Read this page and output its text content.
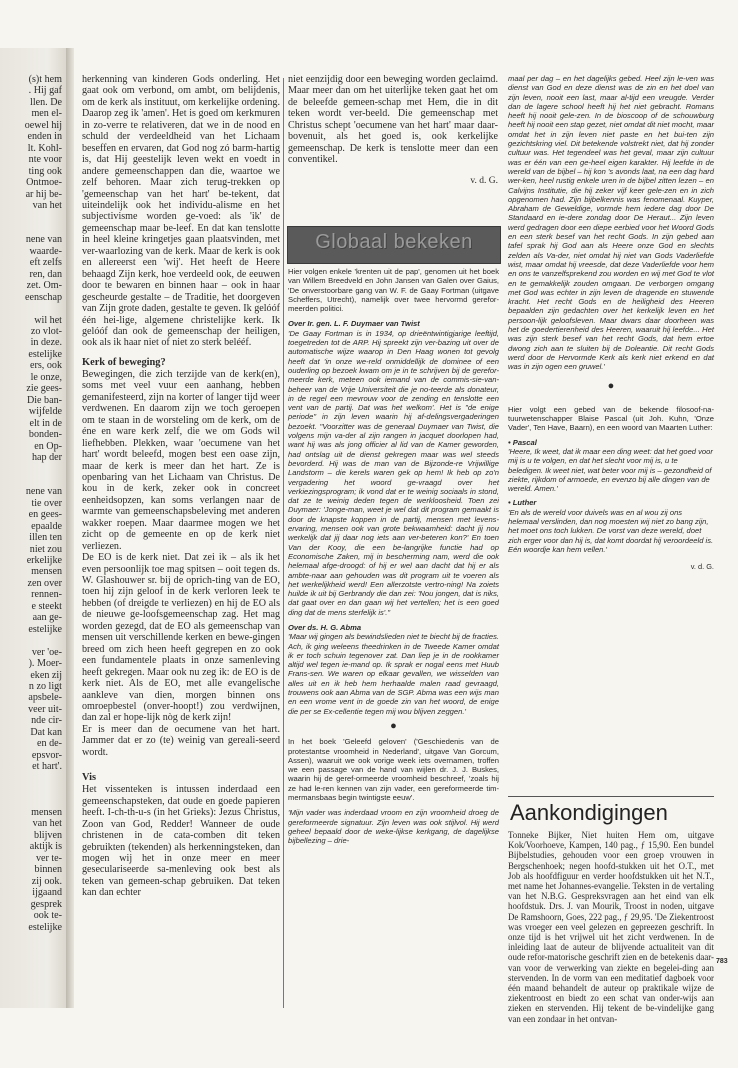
(s)t hem

. Hij gaf

llen. De

men el-

oewel hij

enden in

lt. Kohl-

nte voor

ting ook

Ontmoe-

ar hij be-

van het

nene van

waarde-

eft zelfs

ren, dan

zet. Om-

eenschap

wil het

zo vlot-

in deze.

estelijke

ers, ook

le onze,

zie gees-

Die ban-

wijfelde

elt in de

bonden-

en Op-

hap der

nene van

tie over

en gees-

epaalde

illen ten

niet zou

erkelijke

mensen

zen over

rennen-

e steekt

aan ge-

estelijke

ver 'oe-

). Moer-

eken zij

n zo ligt

apsbele-

veer uit-

nde cir-

Dat kan

en de-

epsvor-

et hart'.

mensen

van het

blijven

aktijk is

ver te-

binnen

zij ook.

ijgaand

gesprek

ook te-

estelijke

herkenning van kinderen Gods onderling. Het gaat ook om verbond, om ambt, om belijdenis, om de kerk als instituut, om kerkelijke ordening. Daarop zeg ik 'amen'. Het is goed om kerkmuren in zo-verre te relativeren, dat we in de nood en schuld der verdeeldheid van het Lichaam beseffen en ervaren, dat God nog zó barm-hartig is, dat Hij geestelijk leven wekt en voedt in andere gemeenschappen dan die, waartoe we zelf behoren. Maar zich terug-trekken op 'gemeenschap van het hart' be-tekent, dat uiteindelijk ook het individu-alisme en het subjectivisme worden ge-voed: als 'ik' de gemeenschap maar be-leef. En dat kan tenslotte in heel kleine kringetjes gaan plaatsvinden, met ver-waarlozing van de kerk. Maar de kerk is ook en allereerst een 'wij'. Het heeft de Heere behaagd Zijn kerk, hoe verdeeld ook, de eeuwen door te bewaren en binnen haar – ook in haar gescheurde gestalte – de Traditie, het doorgeven van Zijn grote daden, gestalte te geven. Ik gelóóf één hei-lige, algemene christelijke kerk. Ik gelóóf dan ook de gemeenschap der heiligen, ook als ik haar niet of niet zo sterk belééf.

Kerk of beweging?

Bewegingen, die zich terzijde van de kerk(en), soms met veel vuur een aanhang, hebben gemanifesteerd, zijn na korter of langer tijd weer verdwenen. En daarom zijn we toch geroepen om te staan in de worsteling om de kerk, om de éne en ware kerk zelf, die we om Gods wil liefhebben. Plekken, waar 'oecumene van het hart' wordt beleefd, mogen best een oase zijn, maar de kerk is meer dan het hart. Ze is openbaring van het Lichaam van Christus. De kou in de kerk, zeker ook in concreet eenheidsopzen, kan soms verlangen naar de warmte van gemeenschapsbeleving met anderen wakker roepen. Maar daarmee mogen we het zicht op de gemeente en op de kerk niet verliezen.

De EO is de kerk niet. Dat zei ik – als ik het even persoonlijk toe mag spitsen – ooit tegen ds. W. Glashouwer sr. bij de oprich-ting van de EO, toen hij zijn geloof in de kerk verloren leek te hebben (of dreigde te verliezen) en hij de EO als de nieuwe ge-loofsgemeenschap zag. Het mag worden gezegd, dat de EO als gemeenschap van mensen uit verschillende kerken en bewe-gingen breed om zich heen heeft gegrepen en zo ook een fundamentele plaats in onze samenleving heeft gekregen. Maar ook nu zeg ik: de EO is de kerk niet. Als de EO, met alle evangelische aankleve van dien, morgen binnen ons omroepbestel (onver-hoopt!) zou verdwijnen, dan zal er hope-lijk nòg de kerk zijn!

Er is meer dan de oecumene van het hart. Jammer dat er zo (te) weinig van gereali-seerd wordt.

Vis

Het vissenteken is intussen inderdaad een gemeenschapsteken, dat oude en goede papieren heeft. I-ch-th-u-s (in het Grieks): Jezus Christus, Zoon van God, Redder! Wanneer de oude christenen in de cata-comben dit teken gebruikten (tekenden) als herkenningsteken, dan mogen wij het in onze meer en meer geseculariseerde sa-menleving ook best als teken van gemeen-schap gebruiken. Dat teken kan dan echter

niet eenzijdig door een beweging worden geclaimd. Maar meer dan om het uiterlijke teken gaat het om de beleefde gemeen-schap met Hem, die in dit teken wordt ver-beeld. Die gemeenschap met Christus schept 'oecumene van het hart' maar daar-bovenuit, als het goed is, ook kerkelijke gemeenschap. De kerk is tenslotte meer dan een conventikel.

v. d. G.

Globaal bekeken

Hier volgen enkele 'krenten uit de pap', genomen uit het boek van Willem Breedveld en John Jansen van Galen over Gaius, 'De onverstoorbare gang van W. F. de Gaay Fortman (uitgave Scheffers, Utrecht), namelijk over twee hervormd gerefor-meerden politici.

Over Ir. gen. L. F. Duymaer van Twist

'De Gaay Fortman is in 1934, op drieëntwintigjarige leeftijd, toegetreden tot de ARP. Hij spreekt zijn ver-bazing uit over de automatische wijze waarop in Den Haag wonen tot gevolg heeft dat 'in onze we-reld onmiddellijk de dominee of een ouderling op bezoek kwam om je in te schrijven bij de gerefor-meerde kerk, meteen ook iemand van de commis-sie-van-beheer van de Vrije Universiteit die je no-teerde als donateur, in de regel een mevrouw voor de zending en tenslotte een vent van de partij. Dat was het welkom'. Het is "de enige periode" in zijn leven waarin hij af-delingsvergaderingen bezoekt. "Voorzitter was de generaal Duymaer van Twist, die volgens mijn va-der al zijn rangen in jacquet doorlopen had, want hij was als jong officier al lid van de Kamer geworden, had ontslag uit de dienst gekregen maar was wel steeds bevorderd. Hij was de man van de Bijzonde-re Vrijwillige Landstorm – die kerels waren gek op hem! Ik heb op zo'n vergadering het woord ge-vraagd over het verkiezingsprogram; ik vond dat er te weinig sociaals in stond, dat ze te weinig deden tegen de werkloosheid. Toen zei Duymaer: 'Jonge-man, weet je wel dat dit program gemaakt is door de knapste koppen in de partij, mensen met levens-ervaring, mensen ook van grote bekwaamheid: dacht jij nou werkelijk dat jij daar nog iets aan ver-beteren kon?' En toen Van der Kooy, die een be-langrijke functie had op Economische Zaken, mij in bescherming nam, werd die ook helemaal afge-droogd: of hij er wel aan dacht dat hij er als ambte-naar aan gehouden was dit program uit te voeren als het werkelijkheid werd! Een allerzotste vertro-ning! Na zoiets huilde ik uit bij Gerbrandy die dan zei: 'Nou jongen, dat is niks, dat gaat over en dan gaan wij het vertellen; het is een goed ding dat de mens sterfelijk is'."

Over ds. H. G. Abma

'Maar wij gingen als bewindslieden niet te biecht bij de fracties. Ach, ik ging weleens theedrinken in de Tweede Kamer omdat ik er toch schuin tegenover zat. Dan liep je in de rookkamer altijd wel tegen ie-mand op. Ik sprak er nogal eens met Huub Frans-sen. We waren op elkaar gevallen, we wisselden van alles uit en ik heb hem herhaalde malen raad gevraagd, trouwens ook aan Abma van de SGP. Abma was een wijs man en een vrome vent in de goede zin van het woord, de enige die per se Ex-cellentie tegen mij wou blijven zeggen.'

●

In het boek 'Geleefd geloven' ('Geschiedenis van de protestantse vroomheid in Nederland', uitgave Van Gorcum, Assen), waaruit we ook vorige week iets overnamen, troffen we een passage van de hand van wijlen dr. J. J. Buskes, waarin hij de geref-ormeerde vroomheid beschreef, 'zoals hij ze had le-ren kennen van zijn vader, een gereformeerde tim-mermansbaas begin twintigste eeuw'.

'Mijn vader was inderdaad vroom en zijn vroomheid droeg de gereformeerde signatuur. Zijn leven was ook stijlvol. Hij werd geheel bepaald door de weke-lijkse kerkgang, de dagelijkse bijbellezing – drie-

maal per dag – en het dagelijks gebed. Heel zijn le-ven was dienst van God en deze dienst was de zin en het doel van zijn leven, nooit een last, maar al-tijd een vreugde. Verder dan de lagere school heeft hij het niet gebracht. Romans heeft hij nooit gele-zen. In de bioscoop of de schouwburg heeft hij nooit een stap gezet, niet omdat dit niet mocht, maar omdat het in zijn leven niet paste en het bui-ten zijn gezichtskring viel. Dit betekende volstrekt niet, dat hij zonder cultuur was. Het tegendeel was het geval, maar zijn cultuur was er één van een ge-heel eigen karakter. Hij leefde in de wereld van de bijbel – hij kon 's avonds laat, na een dag hard wer-ken, heel rustig enkele uren in de bijbel zitten lezen – en Calvijns Institutie, die hij zeker vijf keer gele-zen en in zich opgenomen had. Zijn bijbelkennis was fenomenaal. Kuyper, Abraham de Geweldige, vormde hem iedere dag door De Standaard en ie-dere zondag door De Heraut... Zijn leven werd gedragen door een diepe eerbied voor het Woord Gods en een sterk besef van het recht Gods. In zijn gebed aan tafel sprak hij God aan als Heere onze God en slechts zelden als Va-der, niet omdat hij niet van Gods Vaderliefde wist, maar omdat hij vreesde, dat deze Vaderliefde voor hem en ons te vanzelfsprekend zou worden en wij met God te vlot en te gemakkelijk zouden omgaan. De verborgen omgang met God was echter in zijn leven de dragende en stuwende kracht. Het recht Gods en de heiligheid des Heeren bepaalden zijn gedachten over het kerkelijk leven en het persoon-lijk geloofsleven. Maar dwars daar doorheen was het de goedertierenheid des Heeren, waaruit hij leefde... Het was zijn sterk besef van het recht Gods, dat hem ertoe dwong zich aan te sluiten bij de Doleantie. Dit recht Gods werd door de Hervormde Kerk als kerk niet erkend en dat was in zijn ogen een gruwel.'

●

Hier volgt een gebed van de bekende filosoof-na-tuurwetenschapper Blaise Pascal (uit Joh. Kuhn, 'Onze Vader', Ten Have, Baarn), en een woord van Maarten Luther:

• Pascal

'Heere, Ik weet, dat ik maar een ding weet: dat het goed voor mij is u te volgen, en dat het slecht voor mij is, u te beledigen. Ik weet niet, wat beter voor mij is – gezondheid of ziekte, rijkdom of armoede, en evenzo bij alle dingen van de wereld. Amen.'

• Luther

'En als de wereld voor duivels was en al wou zij ons helemaal verslinden, dan nog moesten wij niet zo bang zijn, het moet ons toch lukken. De vorst van deze wereld, doet zich erger voor dan hij is, dat komt doordat hij veroordeeld is. Eén woordje kan hem vellen.'

v. d. G.

Aankondigingen

Tonneke Bijker, Niet huiten Hem om, uitgave Kok/Voorhoeve, Kampen, 140 pag., ƒ 15,90. Een bundel Bijbelstudies, gehouden voor een groep vrouwen in Bergschenhoek; negen hoofd-stukken uit het O.T., met Job als hoofdfiguur en verder hoofdstukken uit het N.T., met name het Johannes-evangelie. Teksten in de vertaling van het N.B.G. Gespreksvragen aan het eind van elk hoofdstuk. Drs. J. van Mourik, Troost in noden, uitgave De Ramshoorn, Goes, 222 pag., ƒ 29,95. 'De Ziekentroost was vroeger een veel gelezen en gepreezen geschrift. In onze tijd is het vrijwel uit het zicht verdwenen. In de inleiding laat de auteur de blijvende actualiteit van dit oude refor-matorische geschrift zien en de betekenis daar-van voor de verwerking van ziekte en begelei-ding aan stervenden. In de vorm van een meditatief dagboek voor één maand behandelt de auteur op praktikale wijze de ziekentroost en biedt zo een schat van onder-wijs aan zieken en stervenden. Hij tekent de be-vindelijke gang van een zondaar in het ontvan-

783
